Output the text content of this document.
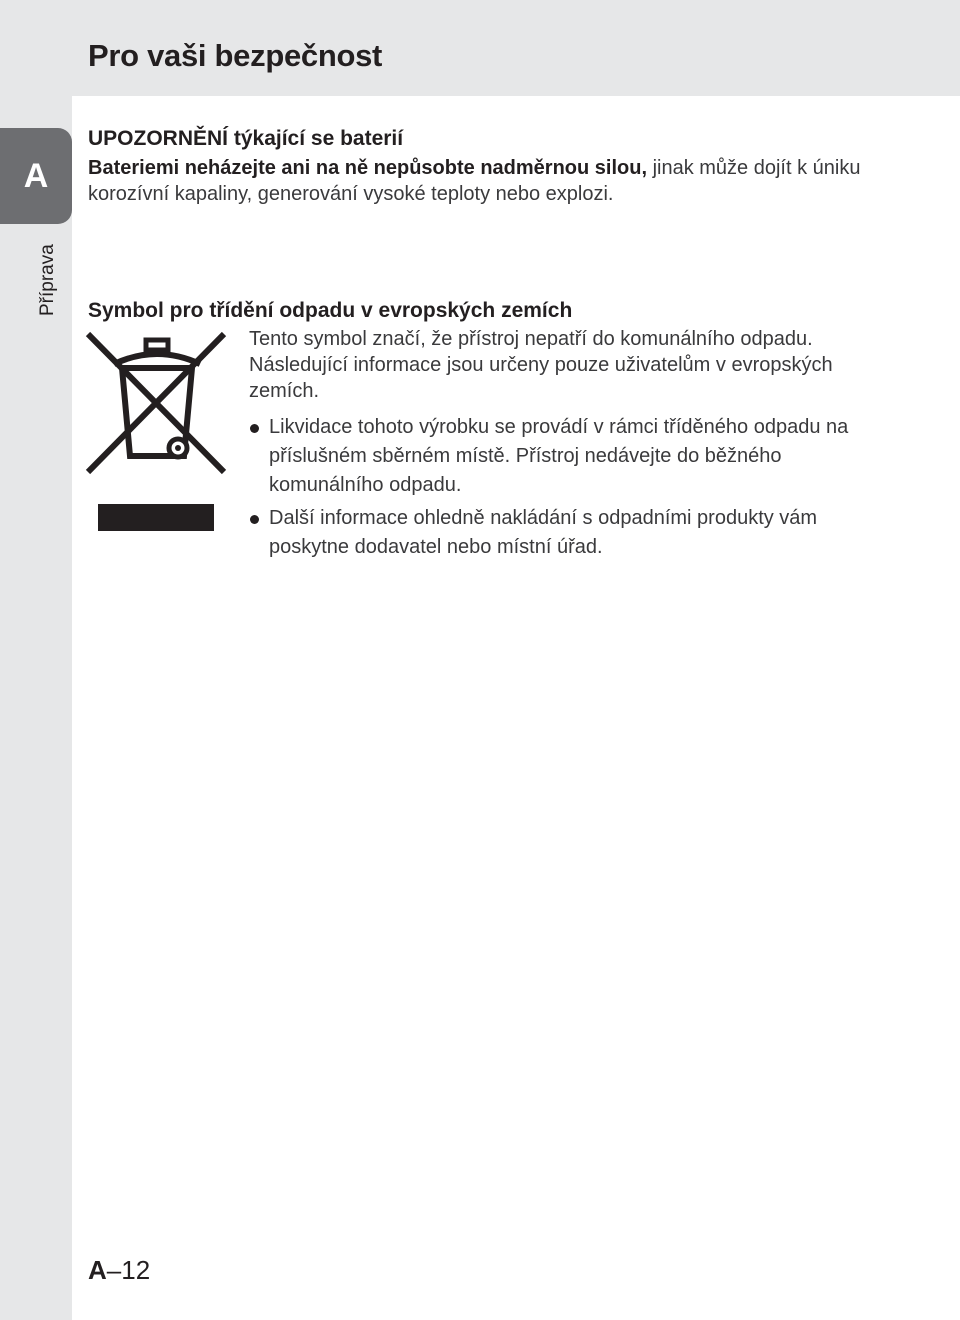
Pro vaši bezpečnost
A
Příprava
UPOZORNĚNÍ týkající se baterií

Bateriemi neházejte ani na ně nepůsobte nadměrnou silou, jinak může dojít k úniku korozívní kapaliny, generování vysoké teploty nebo explozi.

Symbol pro třídění odpadu v evropských zemích

Tento symbol značí, že přístroj nepatří do komunálního odpadu. Následující informace jsou určeny pouze uživatelům v evropských zemích.

Likvidace tohoto výrobku se provádí v rámci tříděného odpadu na příslušném sběrném místě. Přístroj nedávejte do běžného komunálního odpadu.
Další informace ohledně nakládání s odpadními produkty vám poskytne dodavatel nebo místní úřad.
A–12
